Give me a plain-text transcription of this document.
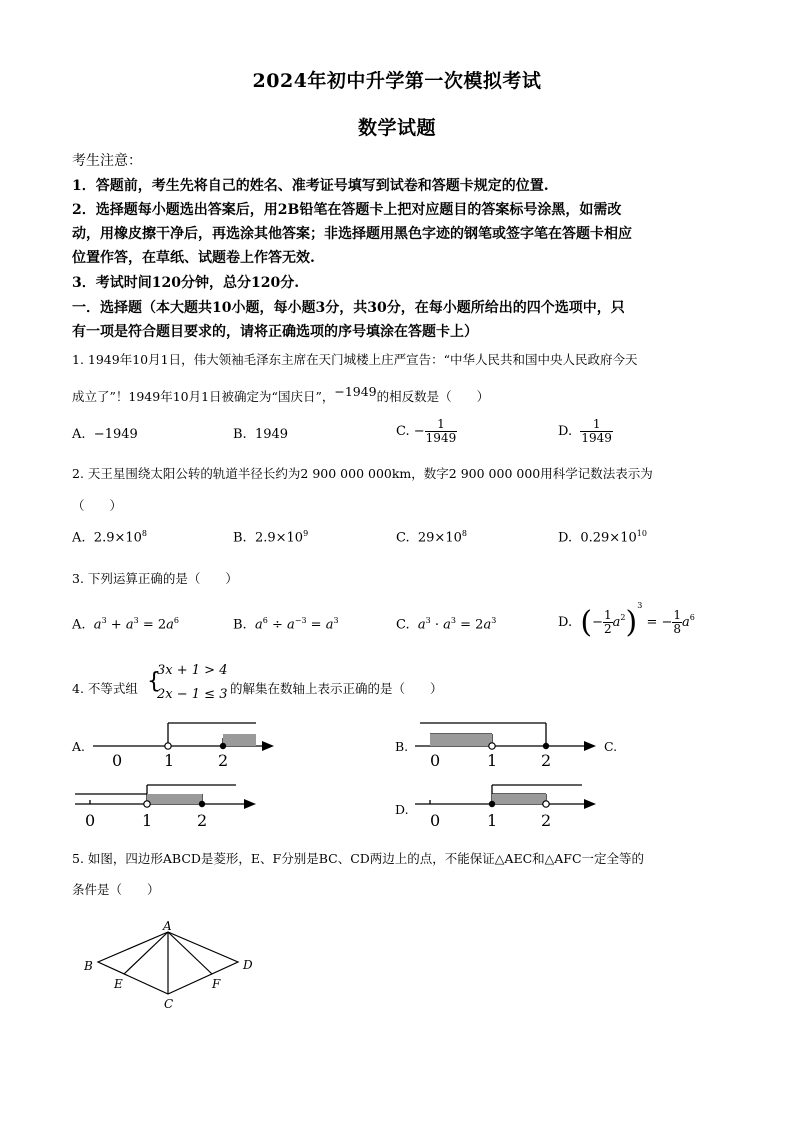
2024年初中升学第一次模拟考试
数学试题
考生注意：
1．答题前，考生先将自己的姓名、准考证号填写到试卷和答题卡规定的位置.
2．选择题每小题选出答案后，用2B铅笔在答题卡上把对应题目的答案标号涂黑，如需改
动，用橡皮擦干净后，再选涂其他答案；非选择题用黑色字迹的钢笔或签字笔在答题卡相应
位置作答，在草纸、试题卷上作答无效.
3．考试时间120分钟，总分120分.
一．选择题（本大题共10小题，每小题3分，共30分，在每小题所给出的四个选项中，只
有一项是符合题目要求的，请将正确选项的序号填涂在答题卡上）
1. 1949年10月1日，伟大领袖毛泽东主席在天门城楼上庄严宣告：“中华人民共和国中央人民政府今天
成立了”！1949年10月1日被确定为“国庆日”，−1949的相反数是（　　）
A. −1949	B. 1949	C. − $\frac{1}{1949}$	D. $\frac{1}{1949}$
2. 天王星围绕太阳公转的轨道半径长约为2 900 000 000km，数字2 900 000 000用科学记数法表示为
（　　）
A. $2.9\times 10^8$	B. $2.9\times 10^9$	C. $29\times 10^8$	D. $0.29\times 10^{10}$
3. 下列运算正确的是（　　）
A. $a^3 + a^3 = 2a^6$	B. $a^6 \div a^{-3} = a^3$	C. $a^3 \cdot a^3 = 2a^3$	D. (− $\frac{1}{2} a^2)^3$ = − $\frac{1}{8} a^6$
4. 不等式组 {
3x + 1 > 4
2x − 1 ≤ 3 的解集在数轴上表示正确的是（　　）
A.
0	1	2
B.
0	1	2
C.
0	1	2
D.
0	1	2
5. 如图，四边形ABCD是菱形，E、F分别是BC、CD两边上的点，不能保证△AEC和△AFC一定全等的
条件是（　　）
A
B
C
D
E	F
